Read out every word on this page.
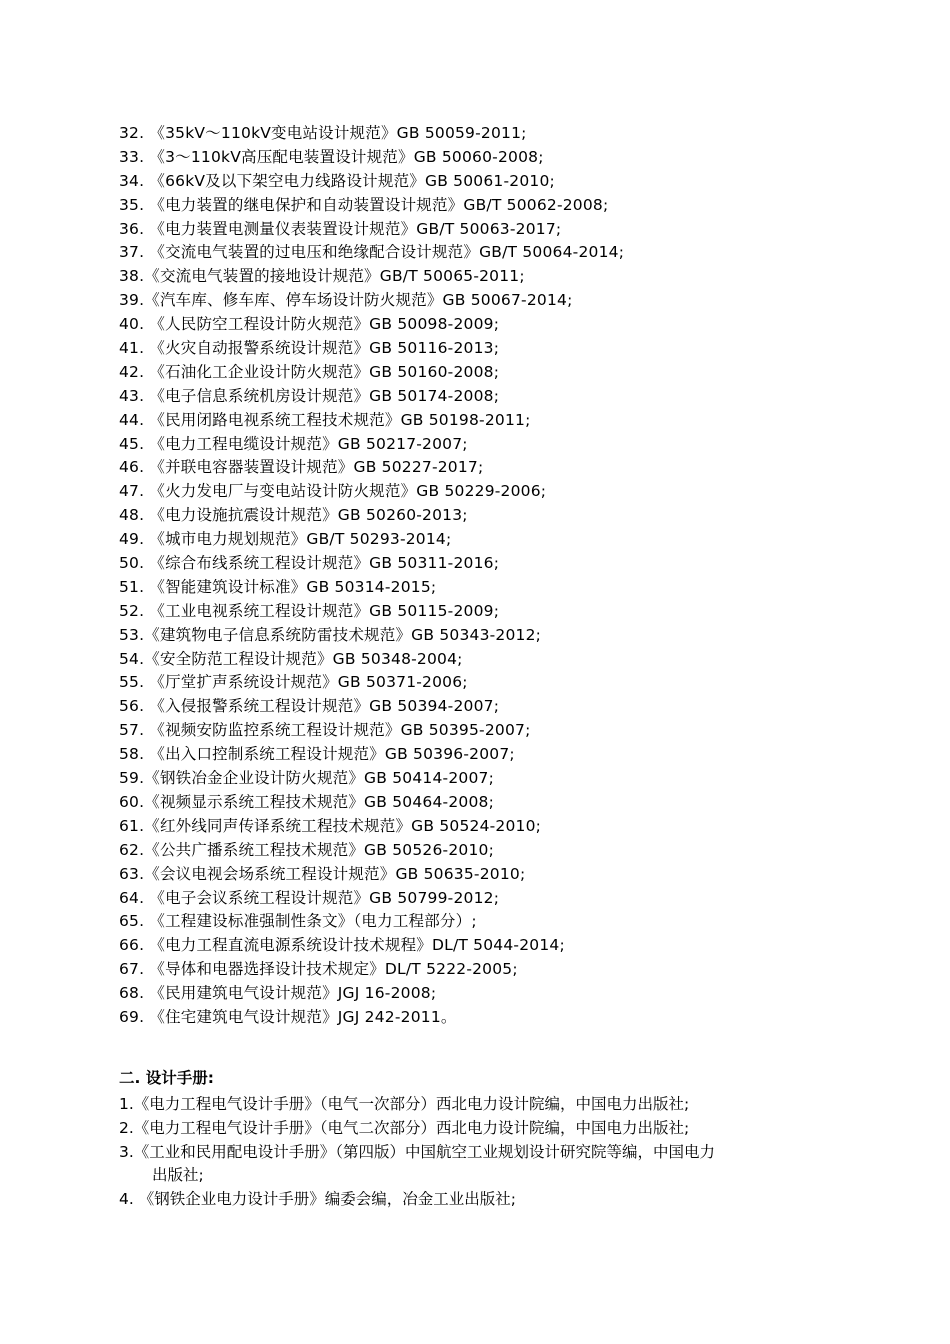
32. 《35kV～110kV变电站设计规范》GB 50059-2011;
33. 《3～110kV高压配电装置设计规范》GB 50060-2008;
34. 《66kV及以下架空电力线路设计规范》GB 50061-2010;
35. 《电力装置的继电保护和自动装置设计规范》GB/T 50062-2008;
36. 《电力装置电测量仪表装置设计规范》GB/T 50063-2017;
37. 《交流电气装置的过电压和绝缘配合设计规范》GB/T 50064-2014;
38.《交流电气装置的接地设计规范》GB/T 50065-2011;
39.《汽车库、修车库、停车场设计防火规范》GB 50067-2014;
40. 《人民防空工程设计防火规范》GB 50098-2009;
41. 《火灾自动报警系统设计规范》GB 50116-2013;
42. 《石油化工企业设计防火规范》GB 50160-2008;
43. 《电子信息系统机房设计规范》GB 50174-2008;
44. 《民用闭路电视系统工程技术规范》GB 50198-2011;
45. 《电力工程电缆设计规范》GB 50217-2007;
46. 《并联电容器装置设计规范》GB 50227-2017;
47. 《火力发电厂与变电站设计防火规范》GB 50229-2006;
48. 《电力设施抗震设计规范》GB 50260-2013;
49. 《城市电力规划规范》GB/T 50293-2014;
50. 《综合布线系统工程设计规范》GB 50311-2016;
51. 《智能建筑设计标准》GB 50314-2015;
52. 《工业电视系统工程设计规范》GB 50115-2009;
53.《建筑物电子信息系统防雷技术规范》GB 50343-2012;
54.《安全防范工程设计规范》GB 50348-2004;
55. 《厅堂扩声系统设计规范》GB 50371-2006;
56. 《入侵报警系统工程设计规范》GB 50394-2007;
57. 《视频安防监控系统工程设计规范》GB 50395-2007;
58. 《出入口控制系统工程设计规范》GB 50396-2007;
59.《钢铁冶金企业设计防火规范》GB 50414-2007;
60.《视频显示系统工程技术规范》GB 50464-2008;
61.《红外线同声传译系统工程技术规范》GB 50524-2010;
62.《公共广播系统工程技术规范》GB 50526-2010;
63.《会议电视会场系统工程设计规范》GB 50635-2010;
64. 《电子会议系统工程设计规范》GB 50799-2012;
65. 《工程建设标准强制性条文》（电力工程部分）;
66. 《电力工程直流电源系统设计技术规程》DL/T 5044-2014;
67. 《导体和电器选择设计技术规定》DL/T 5222-2005;
68. 《民用建筑电气设计规范》JGJ 16-2008;
69. 《住宅建筑电气设计规范》JGJ 242-2011。
二. 设计手册:
1.《电力工程电气设计手册》（电气一次部分）西北电力设计院编，中国电力出版社;
2.《电力工程电气设计手册》（电气二次部分）西北电力设计院编，中国电力出版社;
3.《工业和民用配电设计手册》（第四版）中国航空工业规划设计研究院等编，中国电力
出版社;
4. 《钢铁企业电力设计手册》编委会编，冶金工业出版社;
